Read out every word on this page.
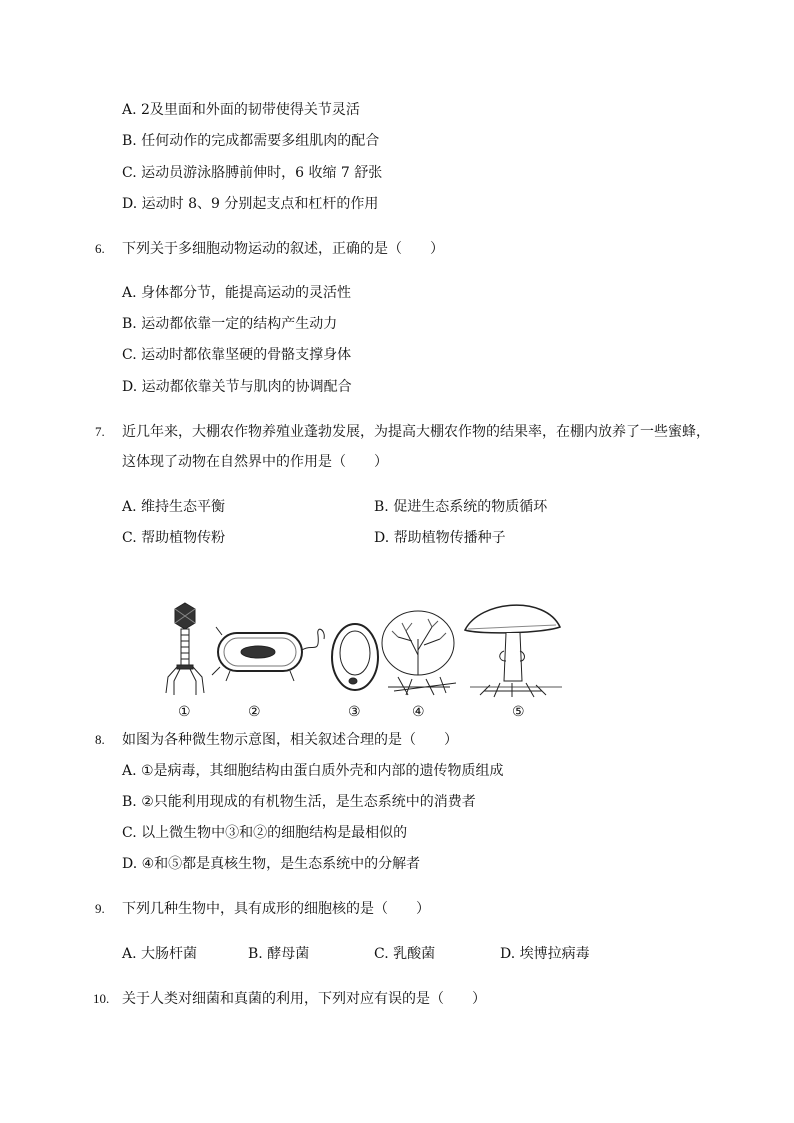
A. 2及里面和外面的韧带使得关节灵活
B. 任何动作的完成都需要多组肌肉的配合
C. 运动员游泳胳膊前伸时，6 收缩 7 舒张
D. 运动时 8、9 分别起支点和杠杆的作用
6. 下列关于多细胞动物运动的叙述，正确的是（　　）
A. 身体都分节，能提高运动的灵活性
B. 运动都依靠一定的结构产生动力
C. 运动时都依靠坚硬的骨骼支撑身体
D. 运动都依靠关节与肌肉的协调配合
7. 近几年来，大棚农作物养殖业蓬勃发展，为提高大棚农作物的结果率，在棚内放养了一些蜜蜂，
这体现了动物在自然界中的作用是（　　）
A. 维持生态平衡	B. 促进生态系统的物质循环
C. 帮助植物传粉	D. 帮助植物传播种子
①	②	③	④	⑤
8. 如图为各种微生物示意图，相关叙述合理的是（　　）
A. ①是病毒，其细胞结构由蛋白质外壳和内部的遗传物质组成
B. ②只能利用现成的有机物生活，是生态系统中的消费者
C. 以上微生物中③和②的细胞结构是最相似的
D. ④和⑤都是真核生物，是生态系统中的分解者
9. 下列几种生物中，具有成形的细胞核的是（　　）
A. 大肠杆菌	B. 酵母菌	C. 乳酸菌	D. 埃博拉病毒
10. 关于人类对细菌和真菌的利用，下列对应有误的是（　　）
